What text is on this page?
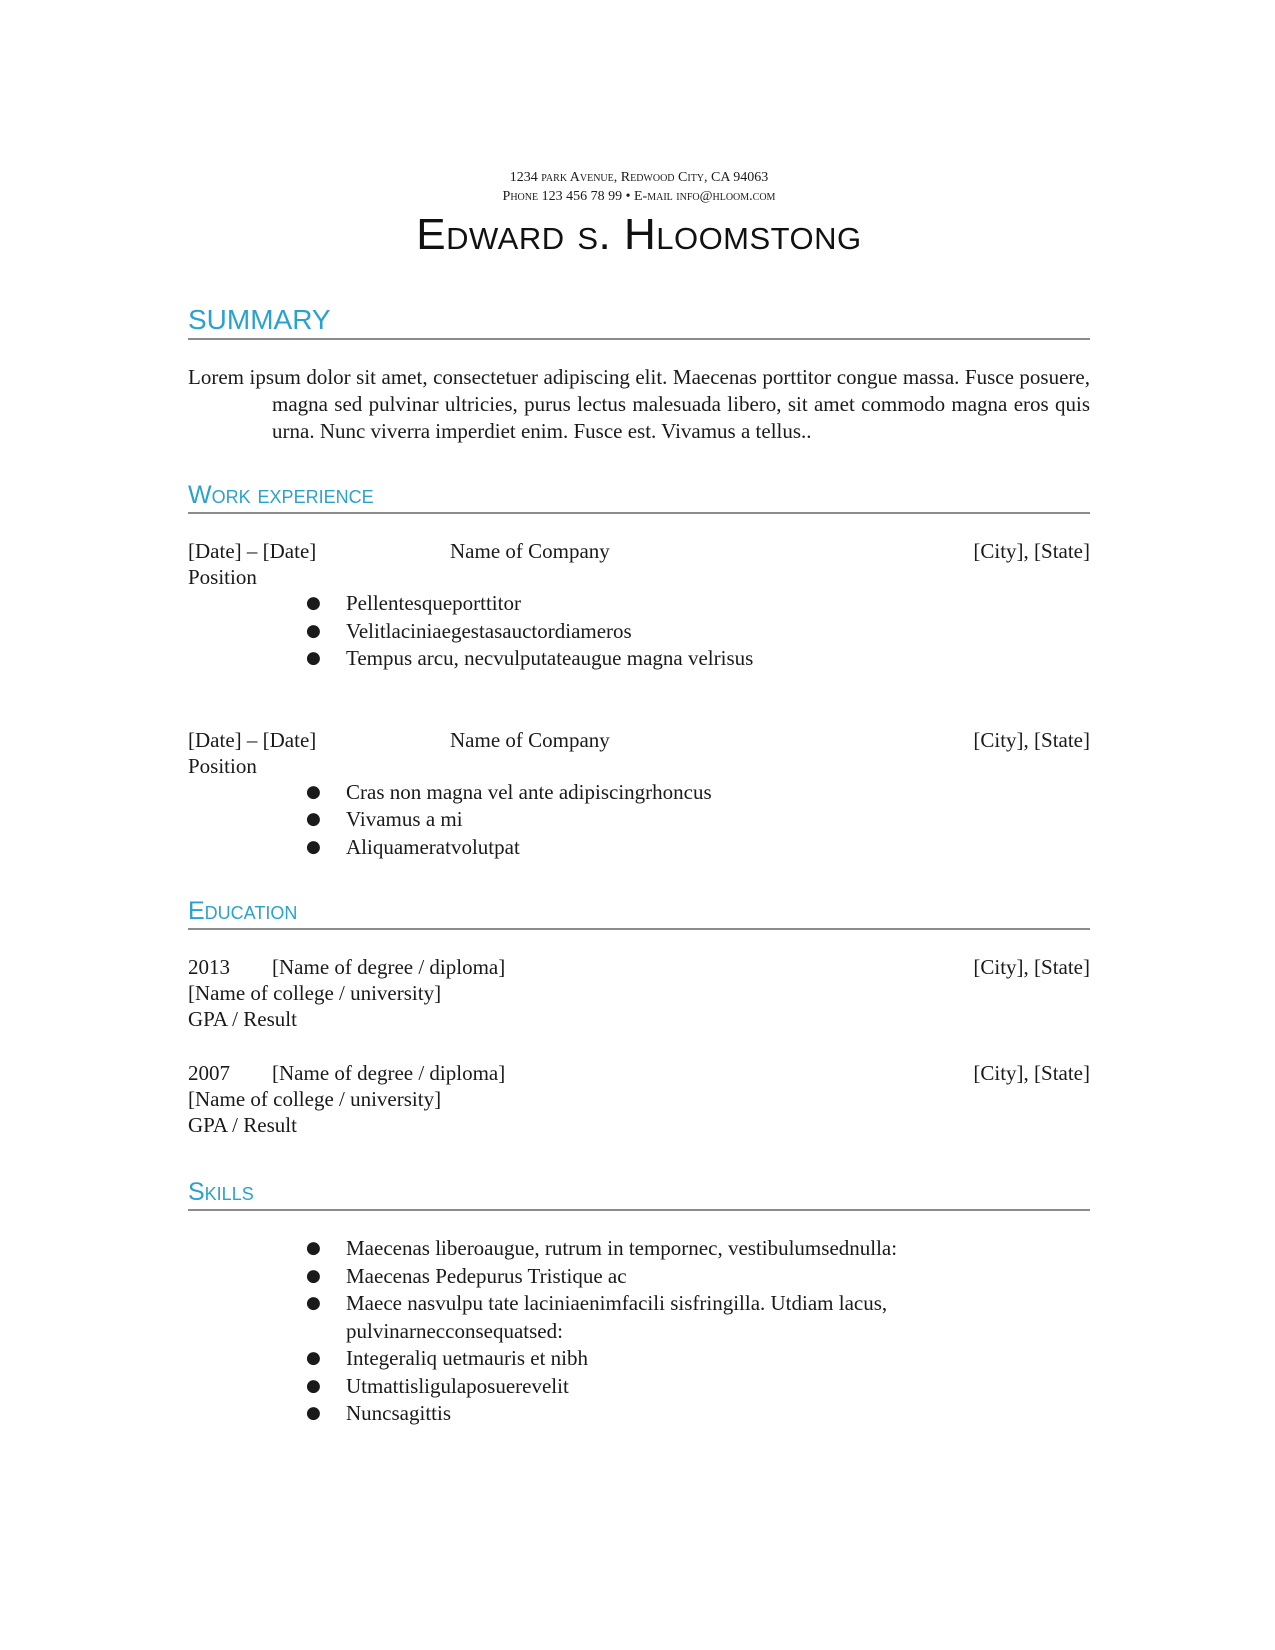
1234 park Avenue, Redwood City, CA 94063
Phone 123 456 78 99 • E-mail info@hloom.com
Edward s. Hloomstong
SUMMARY
Lorem ipsum dolor sit amet, consectetuer adipiscing elit. Maecenas porttitor congue massa. Fusce posuere, magna sed pulvinar ultricies, purus lectus malesuada libero, sit amet commodo magna eros quis urna. Nunc viverra imperdiet enim. Fusce est. Vivamus a tellus..
Work experience
[Date] – [Date]	Name of Company	[City], [State]
Position
● Pellentesqueporttitor
● Velitlaciniaegestasauctordiameros
● Tempus arcu, necvulputateaugue magna velrisus
[Date] – [Date]	Name of Company	[City], [State]
Position
● Cras non magna vel ante adipiscingrhoncus
● Vivamus a mi
● Aliquameratvolutpat
Education
2013	[Name of degree / diploma]	[City], [State]
[Name of college / university]
GPA / Result
2007	[Name of degree / diploma]	[City], [State]
[Name of college / university]
GPA / Result
Skills
● Maecenas liberoaugue, rutrum in tempornec, vestibulumsednulla:
● Maecenas Pedepurus Tristique ac
● Maece nasvulpu tate laciniaenimfacili sisfringilla. Utdiam lacus, pulvinarnecconsequatsed:
● Integeraliq uetmauris et nibh
● Utmattisligulaposuerevelit
● Nuncsagittis
